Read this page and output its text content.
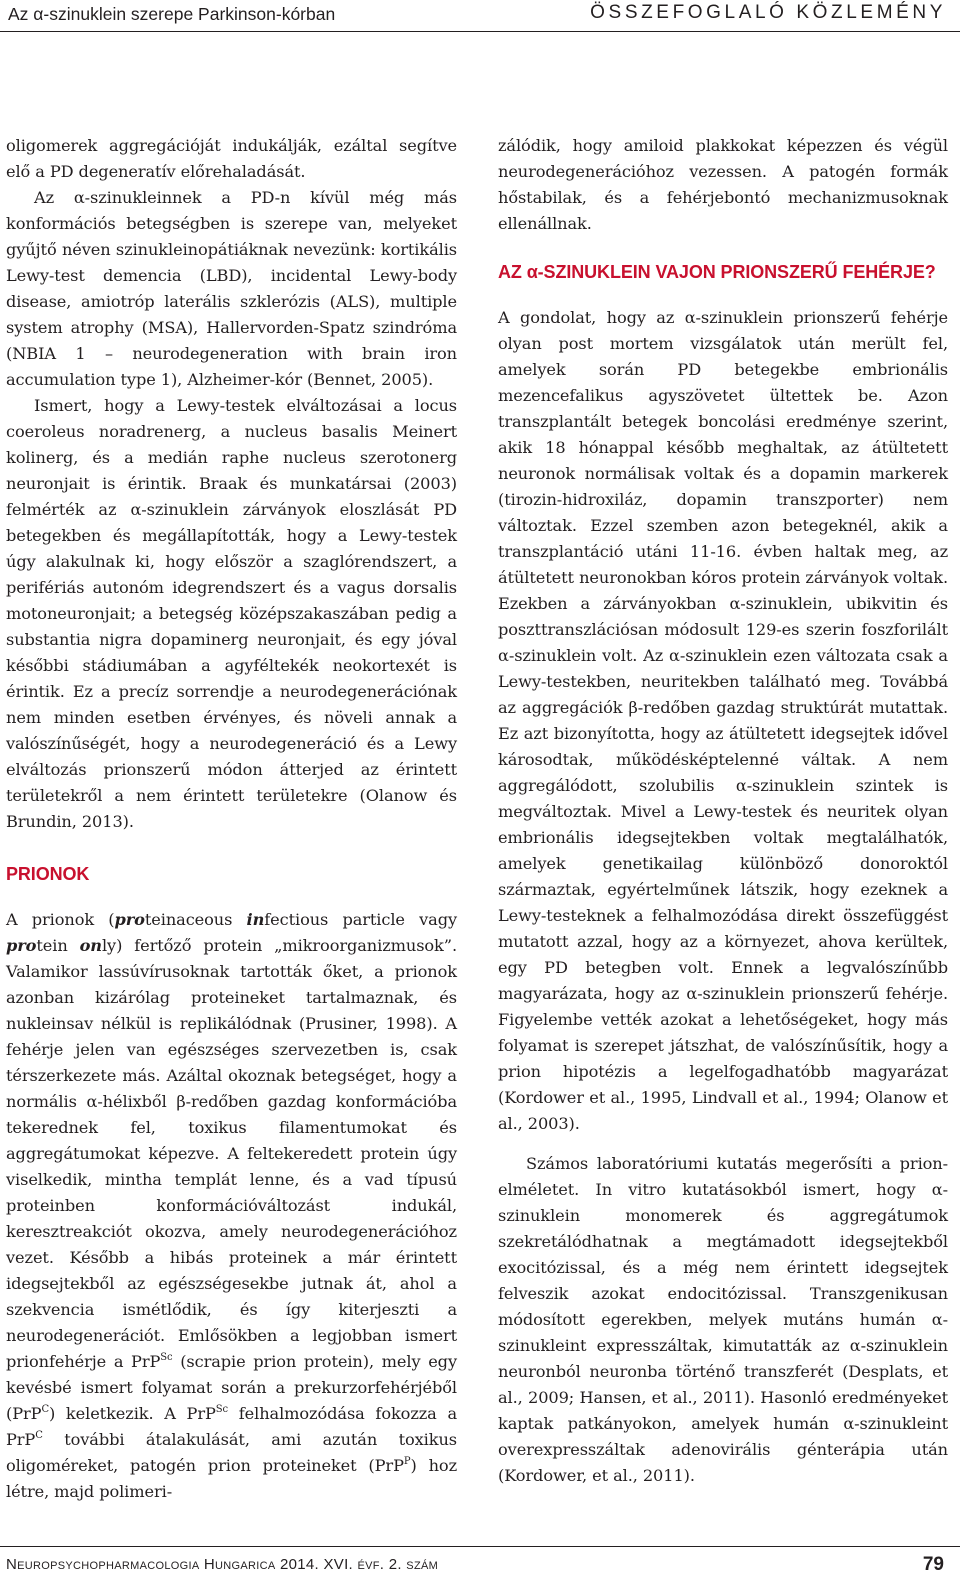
Az α-szinuklein szerepe Parkinson-kórban	ÖSSZEFOGLALÓ KÖZLEMÉNY

oligomerek aggregációját indukálják, ezáltal segítve elő a PD degeneratív előrehaladását.

Az α-szinukleinnek a PD-n kívül még más konformációs betegségben is szerepe van, melyeket gyűjtő néven szinukleinopátiáknak nevezünk: kortikális Lewy-test demencia (LBD), incidental Lewy-body disease, amiotróp laterális szklerózis (ALS), multiple system atrophy (MSA), Hallervorden-Spatz szindróma (NBIA 1 – neurodegeneration with brain iron accumulation type 1), Alzheimer-kór (Bennet, 2005).

Ismert, hogy a Lewy-testek elváltozásai a locus coeroleus noradrenerg, a nucleus basalis Meinert kolinerg, és a medián raphe nucleus szerotonerg neuronjait is érintik. Braak és munkatársai (2003) felmérték az α-szinuklein zárványok eloszlását PD betegekben és megállapították, hogy a Lewy-testek úgy alakulnak ki, hogy először a szaglórendszert, a perifériás autonóm idegrendszert és a vagus dorsalis motoneuronjait; a betegség középszakaszában pedig a substantia nigra dopaminerg neuronjait, és egy jóval későbbi stádiumában a agyféltekék neokortexét is érintik. Ez a precíz sorrendje a neurodegenerációnak nem minden esetben érvényes, és növeli annak a valószínűségét, hogy a neurodegeneráció és a Lewy elváltozás prionszerű módon átterjed az érintett területekről a nem érintett területekre (Olanow és Brundin, 2013).

PRIONOK

A prionok (proteinaceous infectious particle vagy protein only) fertőző protein „mikroorganizmusok”. Valamikor lassúvírusoknak tartották őket, a prionok azonban kizárólag proteineket tartalmaznak, és nukleinsav nélkül is replikálódnak (Prusiner, 1998). A fehérje jelen van egészséges szervezetben is, csak térszerkezete más. Azáltal okoznak betegséget, hogy a normális α-hélixből β-redőben gazdag konformációba tekerednek fel, toxikus filamentumokat és aggregátumokat képezve. A feltekeredett protein úgy viselkedik, mintha templát lenne, és a vad típusú proteinben konformációváltozást indukál, keresztreakciót okozva, amely neurodegenerációhoz vezet. Később a hibás proteinek a már érintett idegsejtekből az egészségesekbe jutnak át, ahol a szekvencia ismétlődik, és így kiterjeszti a neurodegenerációt. Emlősökben a legjobban ismert prionfehérje a PrP$^{Sc}$ (scrapie prion protein), mely egy kevésbé ismert folyamat során a prekurzorfehérjéből (PrP$^C$) keletkezik. A PrP$^{Sc}$ felhalmozódása fokozza a PrP$^C$ további átalakulását, ami azután toxikus oligoméreket, patogén prion proteineket (PrP$^P$) hoz létre, majd polimeri-

zálódik, hogy amiloid plakkokat képezzen és végül neurodegenerációhoz vezessen. A patogén formák hőstabilak, és a fehérjebontó mechanizmusoknak ellenállnak.

AZ α-SZINUKLEIN VAJON PRIONSZERŰ FEHÉRJE?

A gondolat, hogy az α-szinuklein prionszerű fehérje olyan post mortem vizsgálatok után merült fel, amelyek során PD betegekbe embrionális mezencefalikus agyszövetet ültettek be. Azon transzplantált betegek boncolási eredménye szerint, akik 18 hónappal később meghaltak, az átültetett neuronok normálisak voltak és a dopamin markerek (tirozin-hidroxiláz, dopamin transzporter) nem változtak. Ezzel szemben azon betegeknél, akik a transzplantáció utáni 11-16. évben haltak meg, az átültetett neuronokban kóros protein zárványok voltak. Ezekben a zárványokban α-szinuklein, ubikvitin és poszttranszlációsan módosult 129-es szerin foszforilált α-szinuklein volt. Az α-szinuklein ezen változata csak a Lewy-testekben, neuritekben található meg. Továbbá az aggregációk β-redőben gazdag struktúrát mutattak. Ez azt bizonyította, hogy az átültetett idegsejtek idővel károsodtak, működésképtelenné váltak. A nem aggregálódott, szolubilis α-szinuklein szintek is megváltoztak. Mivel a Lewy-testek és neuritek olyan embrionális idegsejtekben voltak megtalálhatók, amelyek genetikailag különböző donoroktól származtak, egyértelműnek látszik, hogy ezeknek a Lewy-testeknek a felhalmozódása direkt összefüggést mutatott azzal, hogy az a környezet, ahova kerültek, egy PD betegben volt. Ennek a legvalószínűbb magyarázata, hogy az α-szinuklein prionszerű fehérje. Figyelembe vették azokat a lehetőségeket, hogy más folyamat is szerepet játszhat, de valószínűsítik, hogy a prion hipotézis a legelfogadhatóbb magyarázat (Kordower et al., 1995, Lindvall et al., 1994; Olanow et al., 2003).

Számos laboratóriumi kutatás megerősíti a prion-elméletet. In vitro kutatásokból ismert, hogy α-szinuklein monomerek és aggregátumok szekretálódhatnak a megtámadott idegsejtekből exocitózissal, és a még nem érintett idegsejtek felveszik azokat endocitózissal. Transzgenikusan módosított egerekben, melyek mutáns humán α-szinukleint expresszáltak, kimutatták az α-szinuklein neuronból neuronba történő transzferét (Desplats, et al., 2009; Hansen, et al., 2011). Hasonló eredményeket kaptak patkányokon, amelyek humán α-szinukleint overexpresszáltak adenovirális génterápia után (Kordower, et al., 2011).

Neuropsychopharmacologia Hungarica 2014. XVI. évf. 2. szám	79
